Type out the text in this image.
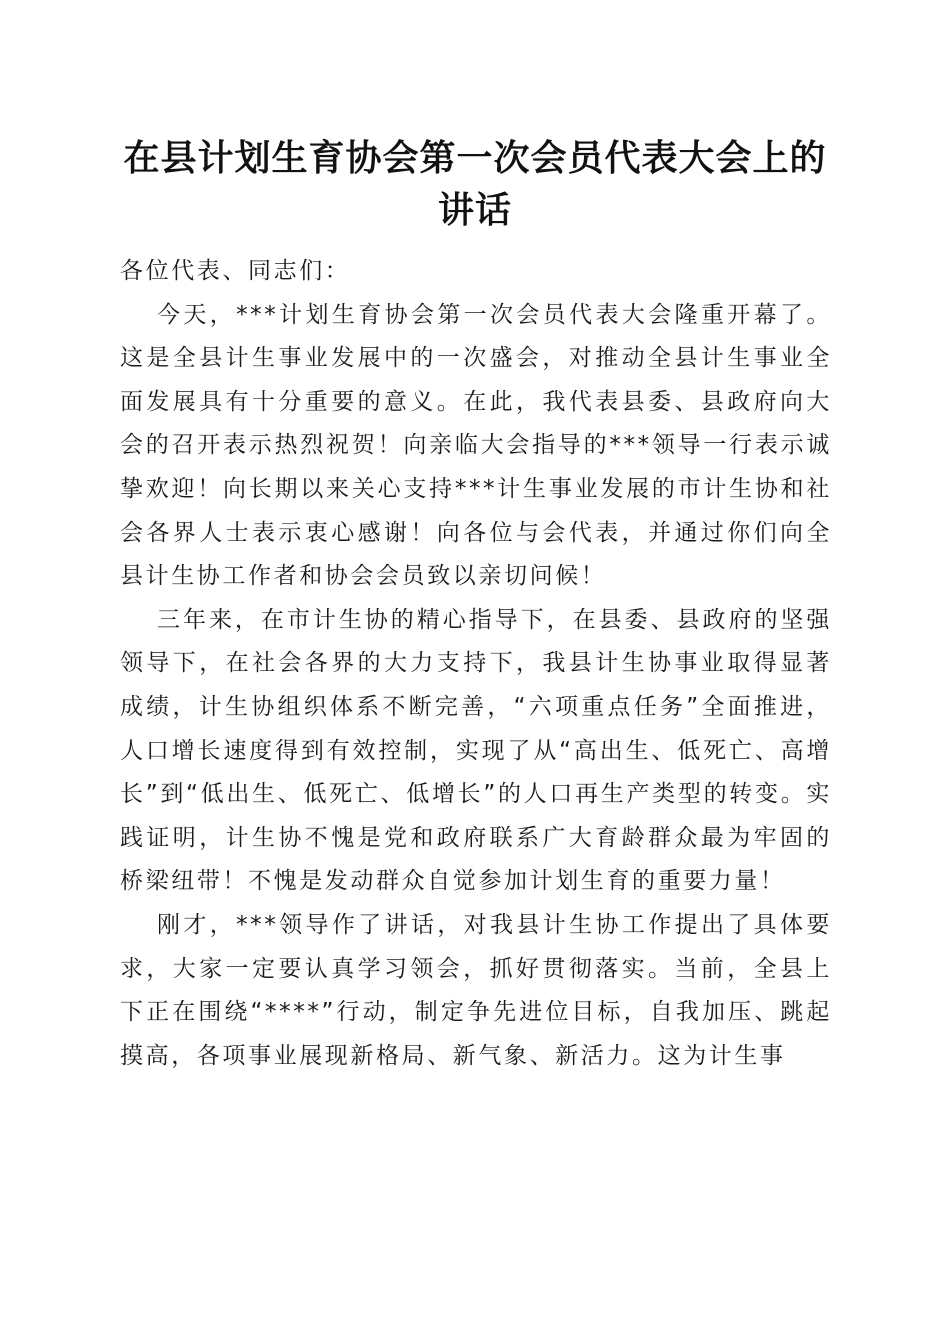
在县计划生育协会第一次会员代表大会上的讲话

各位代表、同志们：

今天，***计划生育协会第一次会员代表大会隆重开幕了。这是全县计生事业发展中的一次盛会，对推动全县计生事业全面发展具有十分重要的意义。在此，我代表县委、县政府向大会的召开表示热烈祝贺！向亲临大会指导的***领导一行表示诚挚欢迎！向长期以来关心支持***计生事业发展的市计生协和社会各界人士表示衷心感谢！向各位与会代表，并通过你们向全县计生协工作者和协会会员致以亲切问候！

三年来，在市计生协的精心指导下，在县委、县政府的坚强领导下，在社会各界的大力支持下，我县计生协事业取得显著成绩，计生协组织体系不断完善，“六项重点任务”全面推进，人口增长速度得到有效控制，实现了从“高出生、低死亡、高增长”到“低出生、低死亡、低增长”的人口再生产类型的转变。实践证明，计生协不愧是党和政府联系广大育龄群众最为牢固的桥梁纽带！不愧是发动群众自觉参加计划生育的重要力量！

刚才，***领导作了讲话，对我县计生协工作提出了具体要求，大家一定要认真学习领会，抓好贯彻落实。当前，全县上下正在围绕“****”行动，制定争先进位目标，自我加压、跳起摸高，各项事业展现新格局、新气象、新活力。这为计生事
